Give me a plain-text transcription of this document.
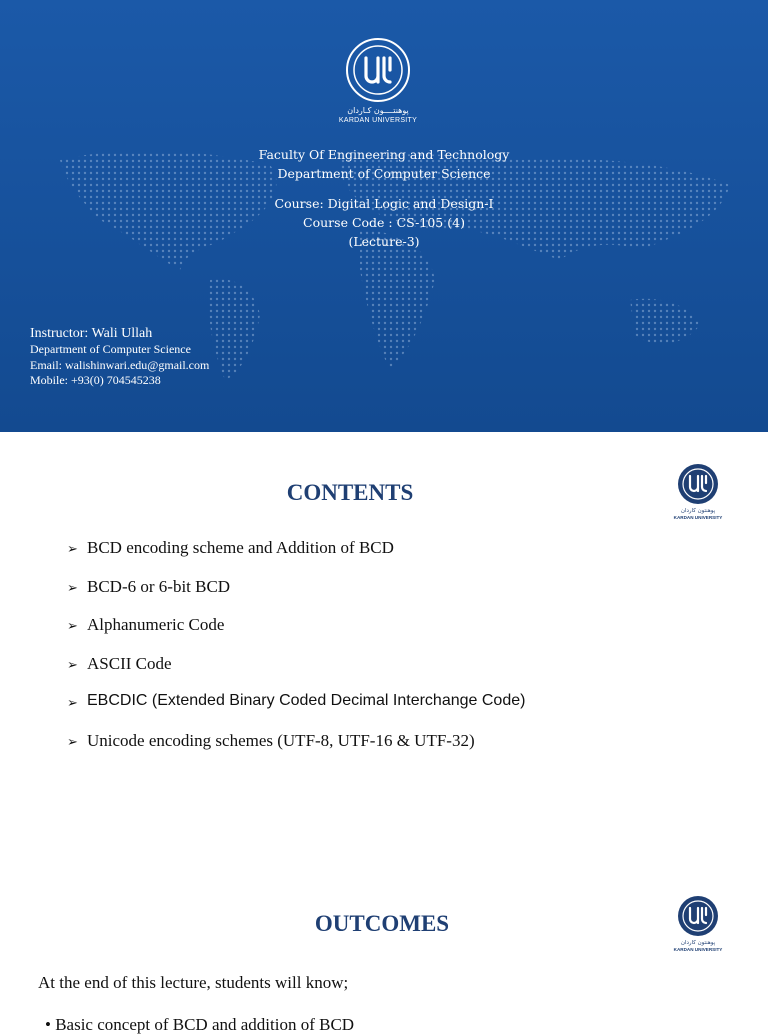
پوهنتــــون کـاردان
KARDAN UNIVERSITY
Faculty Of Engineering and Technology
Department of Computer Science
Course: Digital Logic and Design-I
Course Code : CS-105 (4)
(Lecture-3)
Instructor: Wali Ullah
Department of Computer Science
Email: walishinwari.edu@gmail.com
Mobile: +93(0) 704545238
CONTENTS
پوهنتون کاردان
KARDAN UNIVERSITY
➢ BCD encoding scheme and Addition of BCD
➢ BCD-6 or 6-bit BCD
➢ Alphanumeric Code
➢ ASCII Code
➢ EBCDIC (Extended Binary Coded Decimal Interchange Code)
➢ Unicode encoding schemes (UTF-8, UTF-16 & UTF-32)
OUTCOMES
پوهنتون کاردان
KARDAN UNIVERSITY
At the end of this lecture, students will know;
• Basic concept of BCD and addition of BCD
